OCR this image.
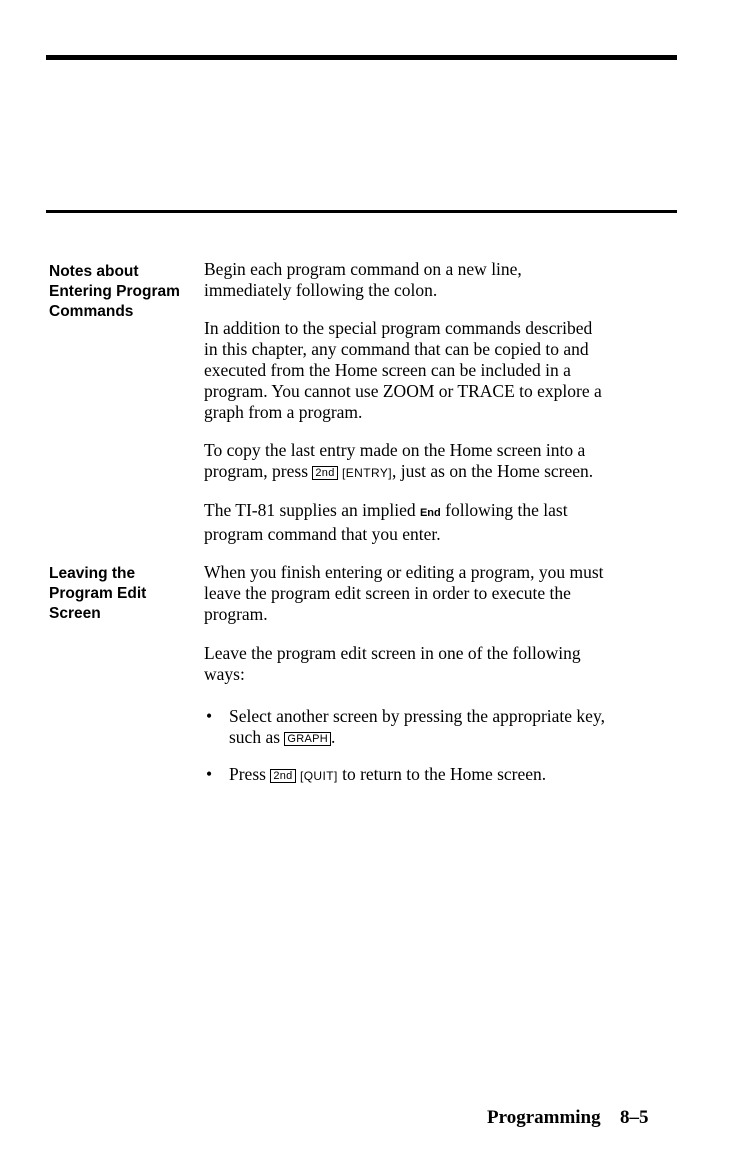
Notes about
Entering Program
Commands
Begin each program command on a new line,
immediately following the colon.
In addition to the special program commands described
in this chapter, any command that can be copied to and
executed from the Home screen can be included in a
program. You cannot use ZOOM or TRACE to explore a
graph from a program.
To copy the last entry made on the Home screen into a
program, press 2nd [ENTRY], just as on the Home screen.
The TI-81 supplies an implied End following the last
program command that you enter.
Leaving the
Program Edit
Screen
When you finish entering or editing a program, you must
leave the program edit screen in order to execute the
program.
Leave the program edit screen in one of the following
ways:
• Select another screen by pressing the appropriate key,
such as GRAPH .
• Press 2nd [QUIT] to return to the Home screen.
Programming 8–5
